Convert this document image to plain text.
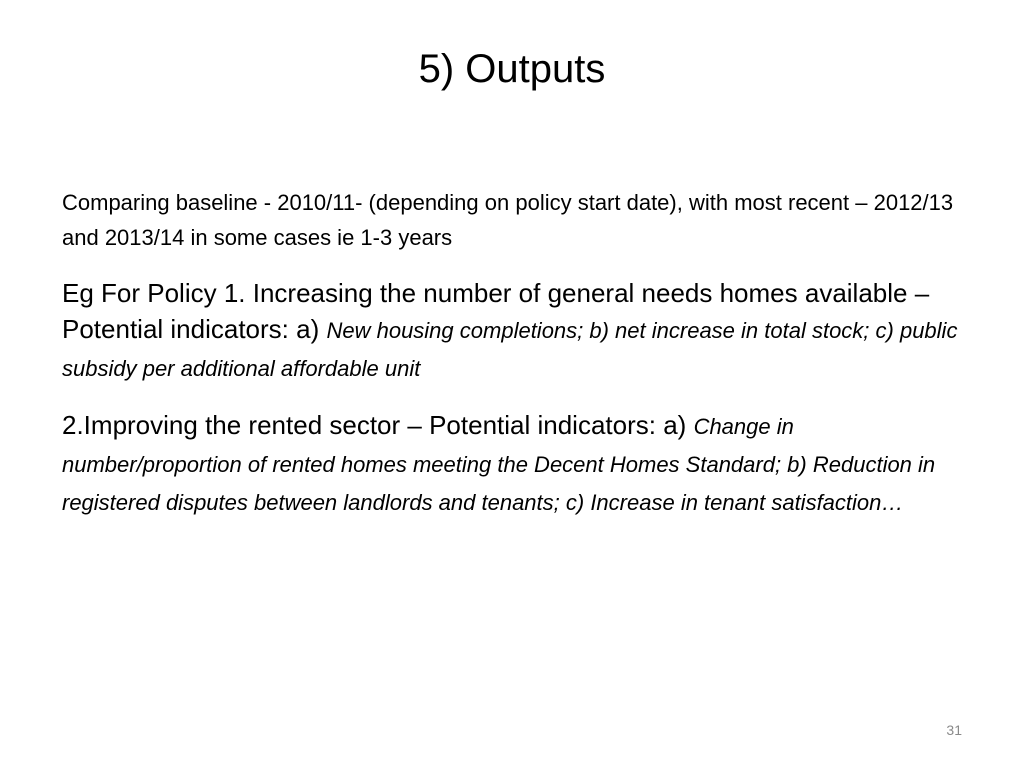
5) Outputs

Comparing baseline - 2010/11- (depending on policy start date), with most recent – 2012/13 and 2013/14 in some cases ie 1-3 years

Eg For Policy 1. Increasing the number of general needs homes available – Potential indicators: a) New housing completions; b) net increase in total stock; c) public subsidy per additional affordable unit

2.Improving the rented sector – Potential indicators: a) Change in number/proportion of rented homes meeting the Decent Homes Standard; b) Reduction in registered disputes between landlords and tenants; c) Increase in tenant satisfaction…

31
